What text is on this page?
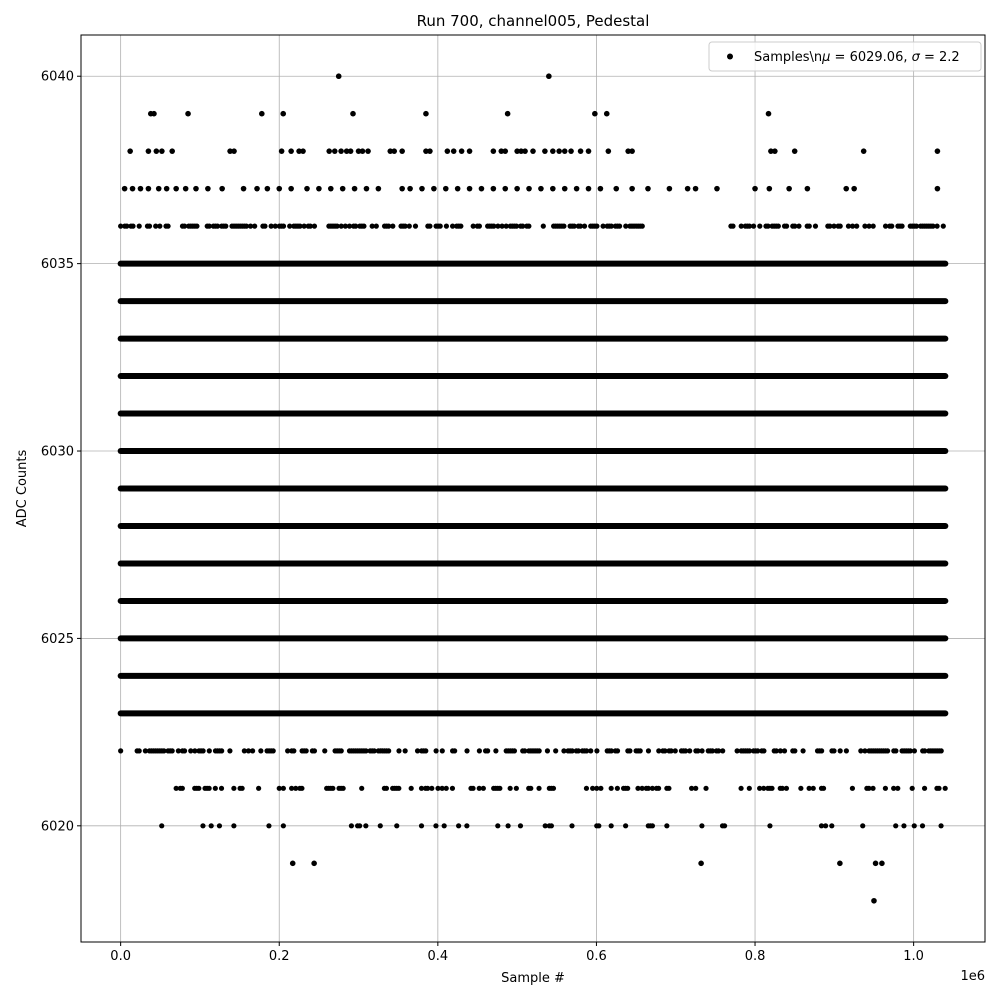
0.0	0.2	0.4	0.6	0.8	1.0
6020
6025
6030
6035
6040
Run 700, channel005, Pedestal
Sample #
ADC Counts
1e6
Samples\nμ = 6029.06, σ = 2.2
